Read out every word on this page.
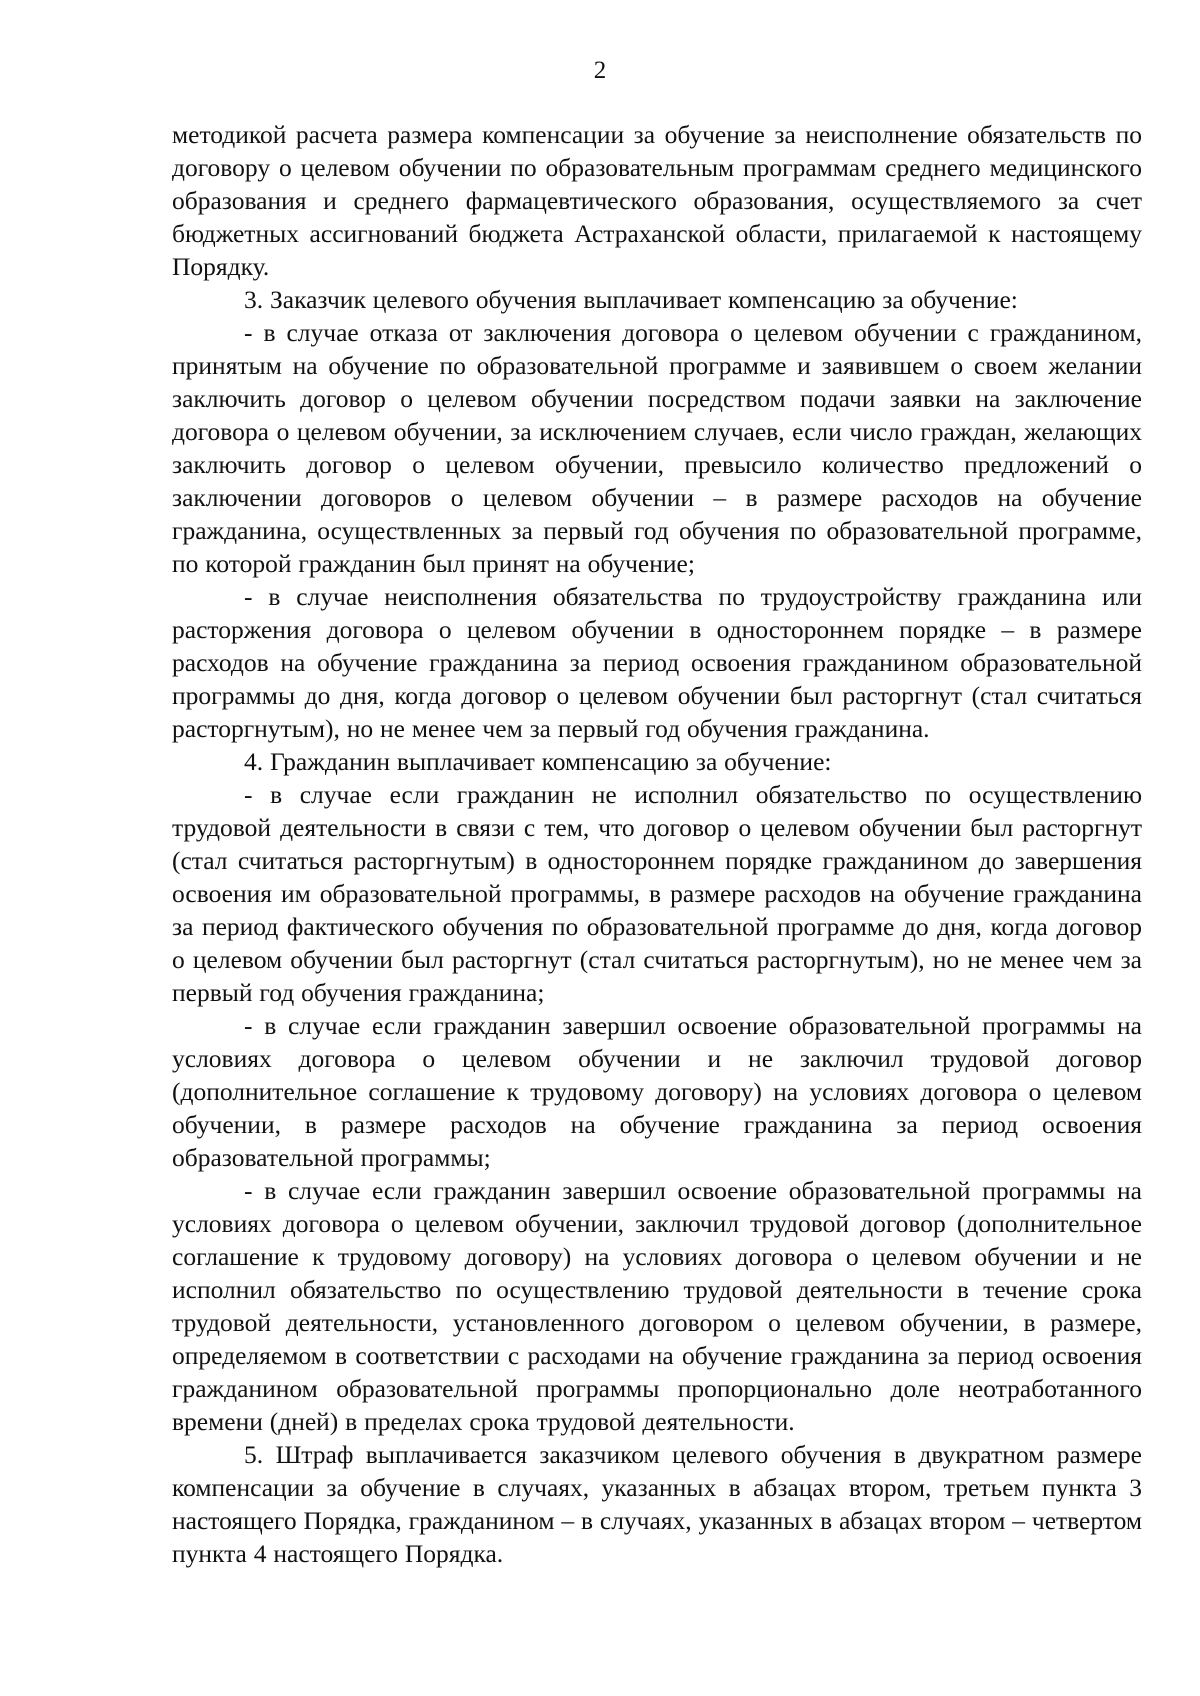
2

методикой расчета размера компенсации за обучение за неисполнение обязательств по договору о целевом обучении по образовательным программам среднего медицинского образования и среднего фармацевтического образования, осуществляемого за счет бюджетных ассигнований бюджета Астраханской области, прилагаемой к настоящему Порядку.

3. Заказчик целевого обучения выплачивает компенсацию за обучение:

- в случае отказа от заключения договора о целевом обучении с гражданином, принятым на обучение по образовательной программе и заявившем о своем желании заключить договор о целевом обучении посредством подачи заявки на заключение договора о целевом обучении, за исключением случаев, если число граждан, желающих заключить договор о целевом обучении, превысило количество предложений о заключении договоров о целевом обучении – в размере расходов на обучение гражданина, осуществленных за первый год обучения по образовательной программе, по которой гражданин был принят на обучение;

- в случае неисполнения обязательства по трудоустройству гражданина или расторжения договора о целевом обучении в одностороннем порядке – в размере расходов на обучение гражданина за период освоения гражданином образовательной программы до дня, когда договор о целевом обучении был расторгнут (стал считаться расторгнутым), но не менее чем за первый год обучения гражданина.

4. Гражданин выплачивает компенсацию за обучение:

- в случае если гражданин не исполнил обязательство по осуществлению трудовой деятельности в связи с тем, что договор о целевом обучении был расторгнут (стал считаться расторгнутым) в одностороннем порядке гражданином до завершения освоения им образовательной программы, в размере расходов на обучение гражданина за период фактического обучения по образовательной программе до дня, когда договор о целевом обучении был расторгнут (стал считаться расторгнутым), но не менее чем за первый год обучения гражданина;

- в случае если гражданин завершил освоение образовательной программы на условиях договора о целевом обучении и не заключил трудовой договор (дополнительное соглашение к трудовому договору) на условиях договора о целевом обучении, в размере расходов на обучение гражданина за период освоения образовательной программы;

- в случае если гражданин завершил освоение образовательной программы на условиях договора о целевом обучении, заключил трудовой договор (дополнительное соглашение к трудовому договору) на условиях договора о целевом обучении и не исполнил обязательство по осуществлению трудовой деятельности в течение срока трудовой деятельности, установленного договором о целевом обучении, в размере, определяемом в соответствии с расходами на обучение гражданина за период освоения гражданином образовательной программы пропорционально доле неотработанного времени (дней) в пределах срока трудовой деятельности.

5. Штраф выплачивается заказчиком целевого обучения в двукратном размере компенсации за обучение в случаях, указанных в абзацах втором, третьем пункта 3 настоящего Порядка, гражданином – в случаях, указанных в абзацах втором – четвертом пункта 4 настоящего Порядка.
